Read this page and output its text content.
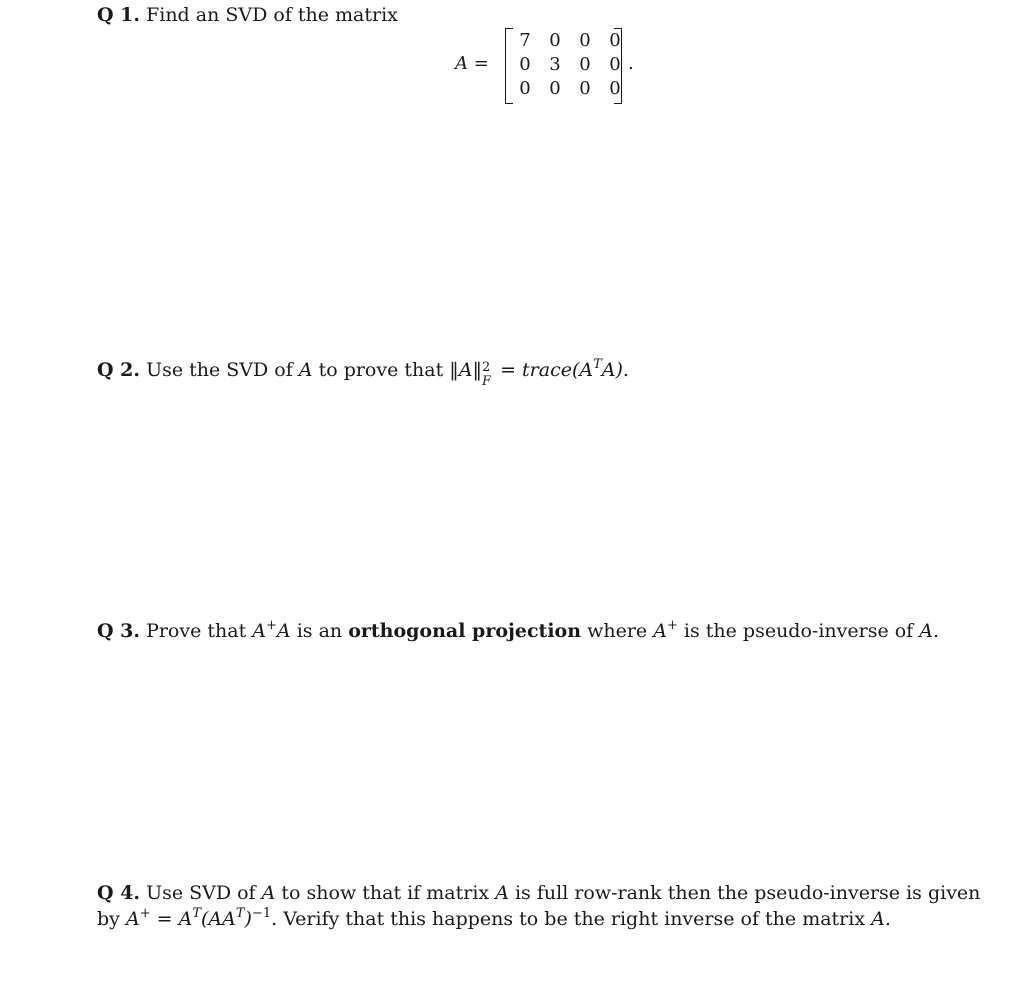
Q 1. Find an SVD of the matrix
A =
7	0	0	0
0	3	0	0
0	0	0	0
.
Q 2. Use the SVD of A to prove that ‖A‖ 2
F
= $trace(A^TA)$.
Q 3. Prove that A+A is an orthogonal projection where A+ is the pseudo-inverse of A.
Q 4. Use SVD of A to show that if matrix A is full row-rank then the pseudo-inverse is given by $A^+ = A^T(AA^T)^{-1}$. Verify that this happens to be the right inverse of the matrix A.
